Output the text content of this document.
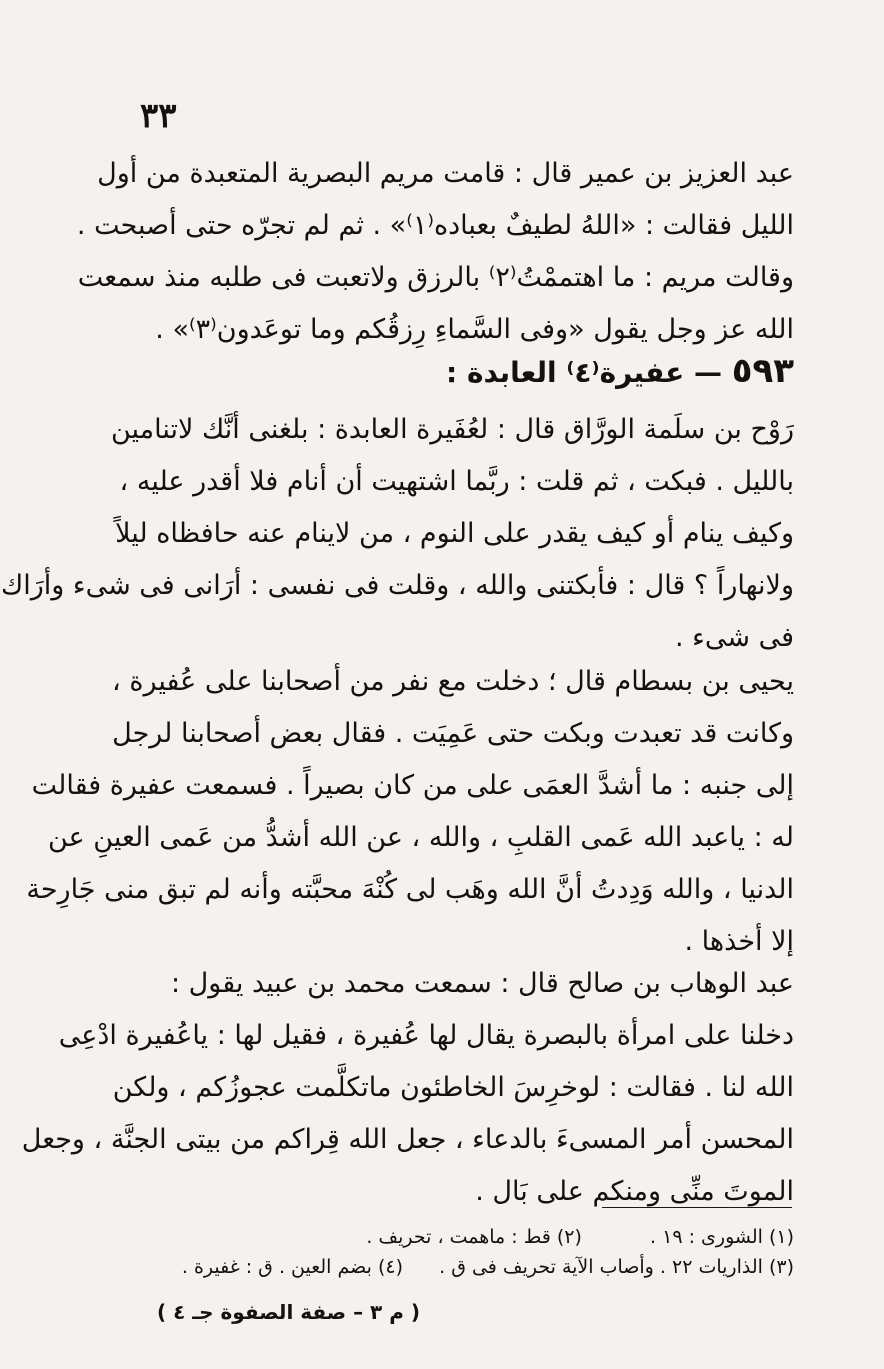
٣٣
عبد العزيز بن عمير قال : قامت مريم البصرية المتعبدة من أول
الليل فقالت : «اللهُ لطيفٌ بعباده⁽١⁾» . ثم لم تجرّه حتى أصبحت .
وقالت مريم : ما اهتممْتُ⁽٢⁾ بالرزق ولاتعبت فى طلبه منذ سمعت
الله عز وجل يقول «وفى السَّماءِ رِزقُكم وما توعَدون⁽٣⁾» .
٥٩٣ — عفيرة⁽٤⁾ العابدة :
رَوْح بن سلَمة الورَّاق قال : لعُفَيرة العابدة : بلغنى أنَّك لاتنامين
بالليل . فبكت ، ثم قلت : ربَّما اشتهيت أن أنام فلا أقدر عليه ،
وكيف ينام أو كيف يقدر على النوم ، من لاينام عنه حافظاه ليلاً
ولانهاراً ؟ قال : فأبكتنى والله ، وقلت فى نفسى : أرَانى فى شىء وأرَاك
فى شىء .
يحيى بن بسطام قال ؛ دخلت مع نفر من أصحابنا على عُفيرة ،
وكانت قد تعبدت وبكت حتى عَمِيَت . فقال بعض أصحابنا لرجل
إلى جنبه : ما أشدَّ العمَى على من كان بصيراً . فسمعت عفيرة فقالت
له : ياعبد الله عَمى القلبِ ، والله ، عن الله أشدُّ من عَمى العينِ عن
الدنيا ، والله وَدِدتُ أنَّ الله وهَب لى كُنْهَ محبَّته وأنه لم تبق منى جَارِحة
إلا أخذها .
عبد الوهاب بن صالح قال : سمعت محمد بن عبيد يقول :
دخلنا على امرأة بالبصرة يقال لها عُفيرة ، فقيل لها : ياعُفيرة ادْعِى
الله لنا . فقالت : لوخرِسَ الخاطئون ماتكلَّمت عجوزُكم ، ولكن
المحسن أمر المسىءَ بالدعاء ، جعل الله قِراكم من بيتى الجنَّة ، وجعل
الموتَ منِّى ومنكم على بَال .
(١) الشورى : ١٩ .  (٢) قط : ماهمت ، تحريف .
(٣) الذاريات ٢٢ . وأصاب الآية تحريف فى ق .  (٤) بضم العين . ق : غفيرة .
( م ٣ – صفة الصفوة جـ ٤ )
